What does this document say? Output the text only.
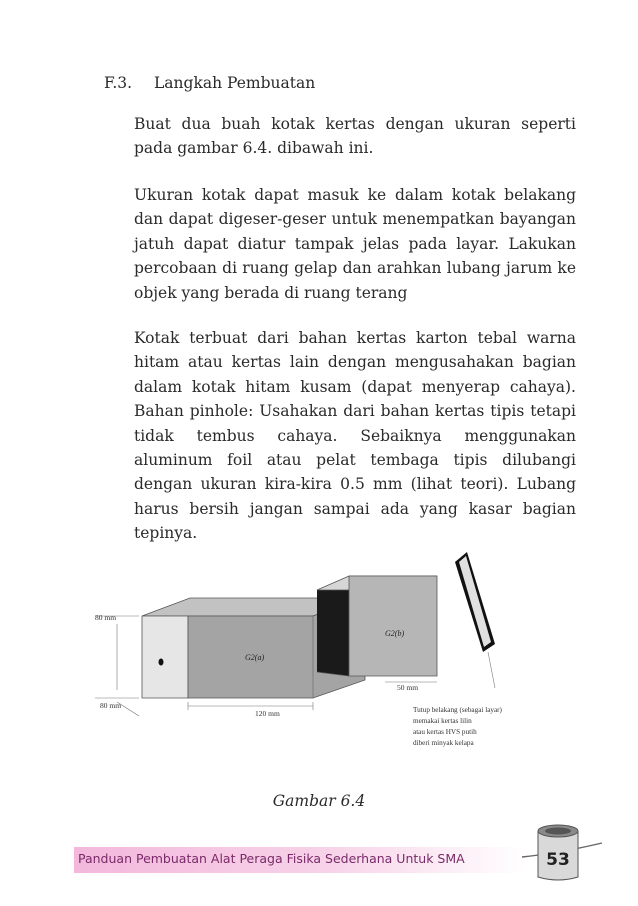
F.3. Langkah Pembuatan

Buat dua buah kotak kertas dengan ukuran seperti pada gambar 6.4. dibawah ini.

Ukuran kotak dapat masuk ke dalam kotak belakang dan dapat digeser-geser untuk menempatkan bayangan jatuh dapat diatur tampak jelas pada layar. Lakukan percobaan di ruang gelap dan arahkan lubang jarum ke objek yang berada di ruang terang

Kotak terbuat dari bahan kertas karton tebal warna hitam atau kertas lain dengan mengusahakan bagian dalam kotak hitam kusam (dapat menyerap cahaya). Bahan pinhole: Usahakan dari bahan kertas tipis tetapi tidak tembus cahaya. Sebaiknya menggunakan aluminum foil atau pelat tembaga tipis dilubangi dengan ukuran kira-kira 0.5 mm (lihat teori). Lubang harus bersih jangan sampai ada yang kasar bagian tepinya.

G2(a)
G2(b)
80 mm
80 mm
120 mm
50 mm
Tutup belakang (sebagai layar)
memakai kertas lilin
atau kertas HVS putih
diberi minyak kelapa
Gambar 6.4
Panduan Pembuatan Alat Peraga Fisika Sederhana Untuk SMA	53
